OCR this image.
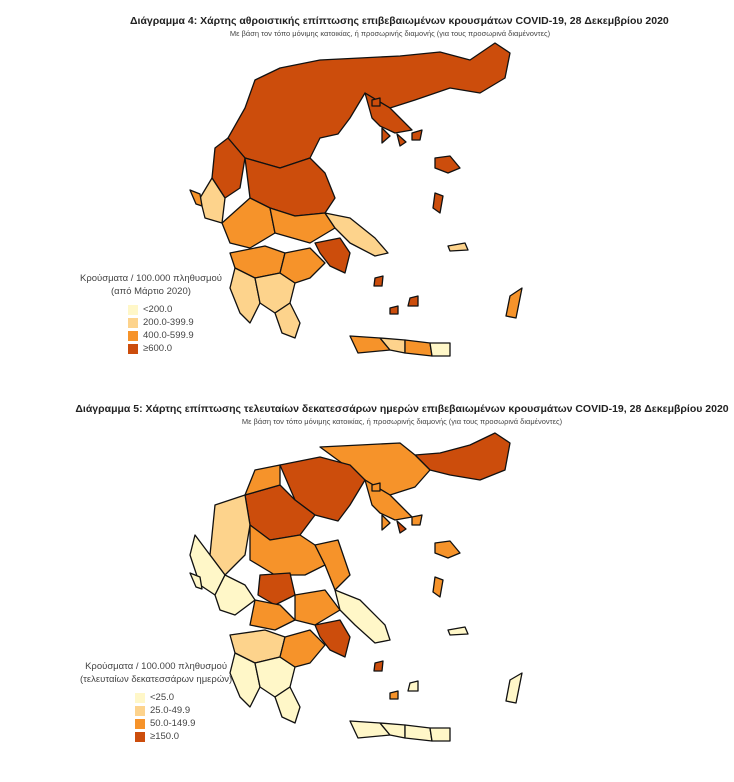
Διάγραμμα 4: Χάρτης αθροιστικής επίπτωσης επιβεβαιωμένων κρουσμάτων COVID-19, 28 Δεκεμβρίου 2020
Με βάση τον τόπο μόνιμης κατοικίας, ή προσωρινής διαμονής (για τους προσωρινά διαμένοντες)
Κρούσματα / 100.000 πληθυσμού
(από Μάρτιο 2020)
<200.0
200.0-399.9
400.0-599.9
≥600.0
Διάγραμμα 5: Χάρτης επίπτωσης τελευταίων δεκατεσσάρων ημερών επιβεβαιωμένων κρουσμάτων COVID-19, 28 Δεκεμβρίου 2020
Με βάση τον τόπο μόνιμης κατοικίας, ή προσωρινής διαμονής (για τους προσωρινά διαμένοντες)
Κρούσματα / 100.000 πληθυσμού
(τελευταίων δεκατεσσάρων ημερών)
<25.0
25.0-49.9
50.0-149.9
≥150.0
